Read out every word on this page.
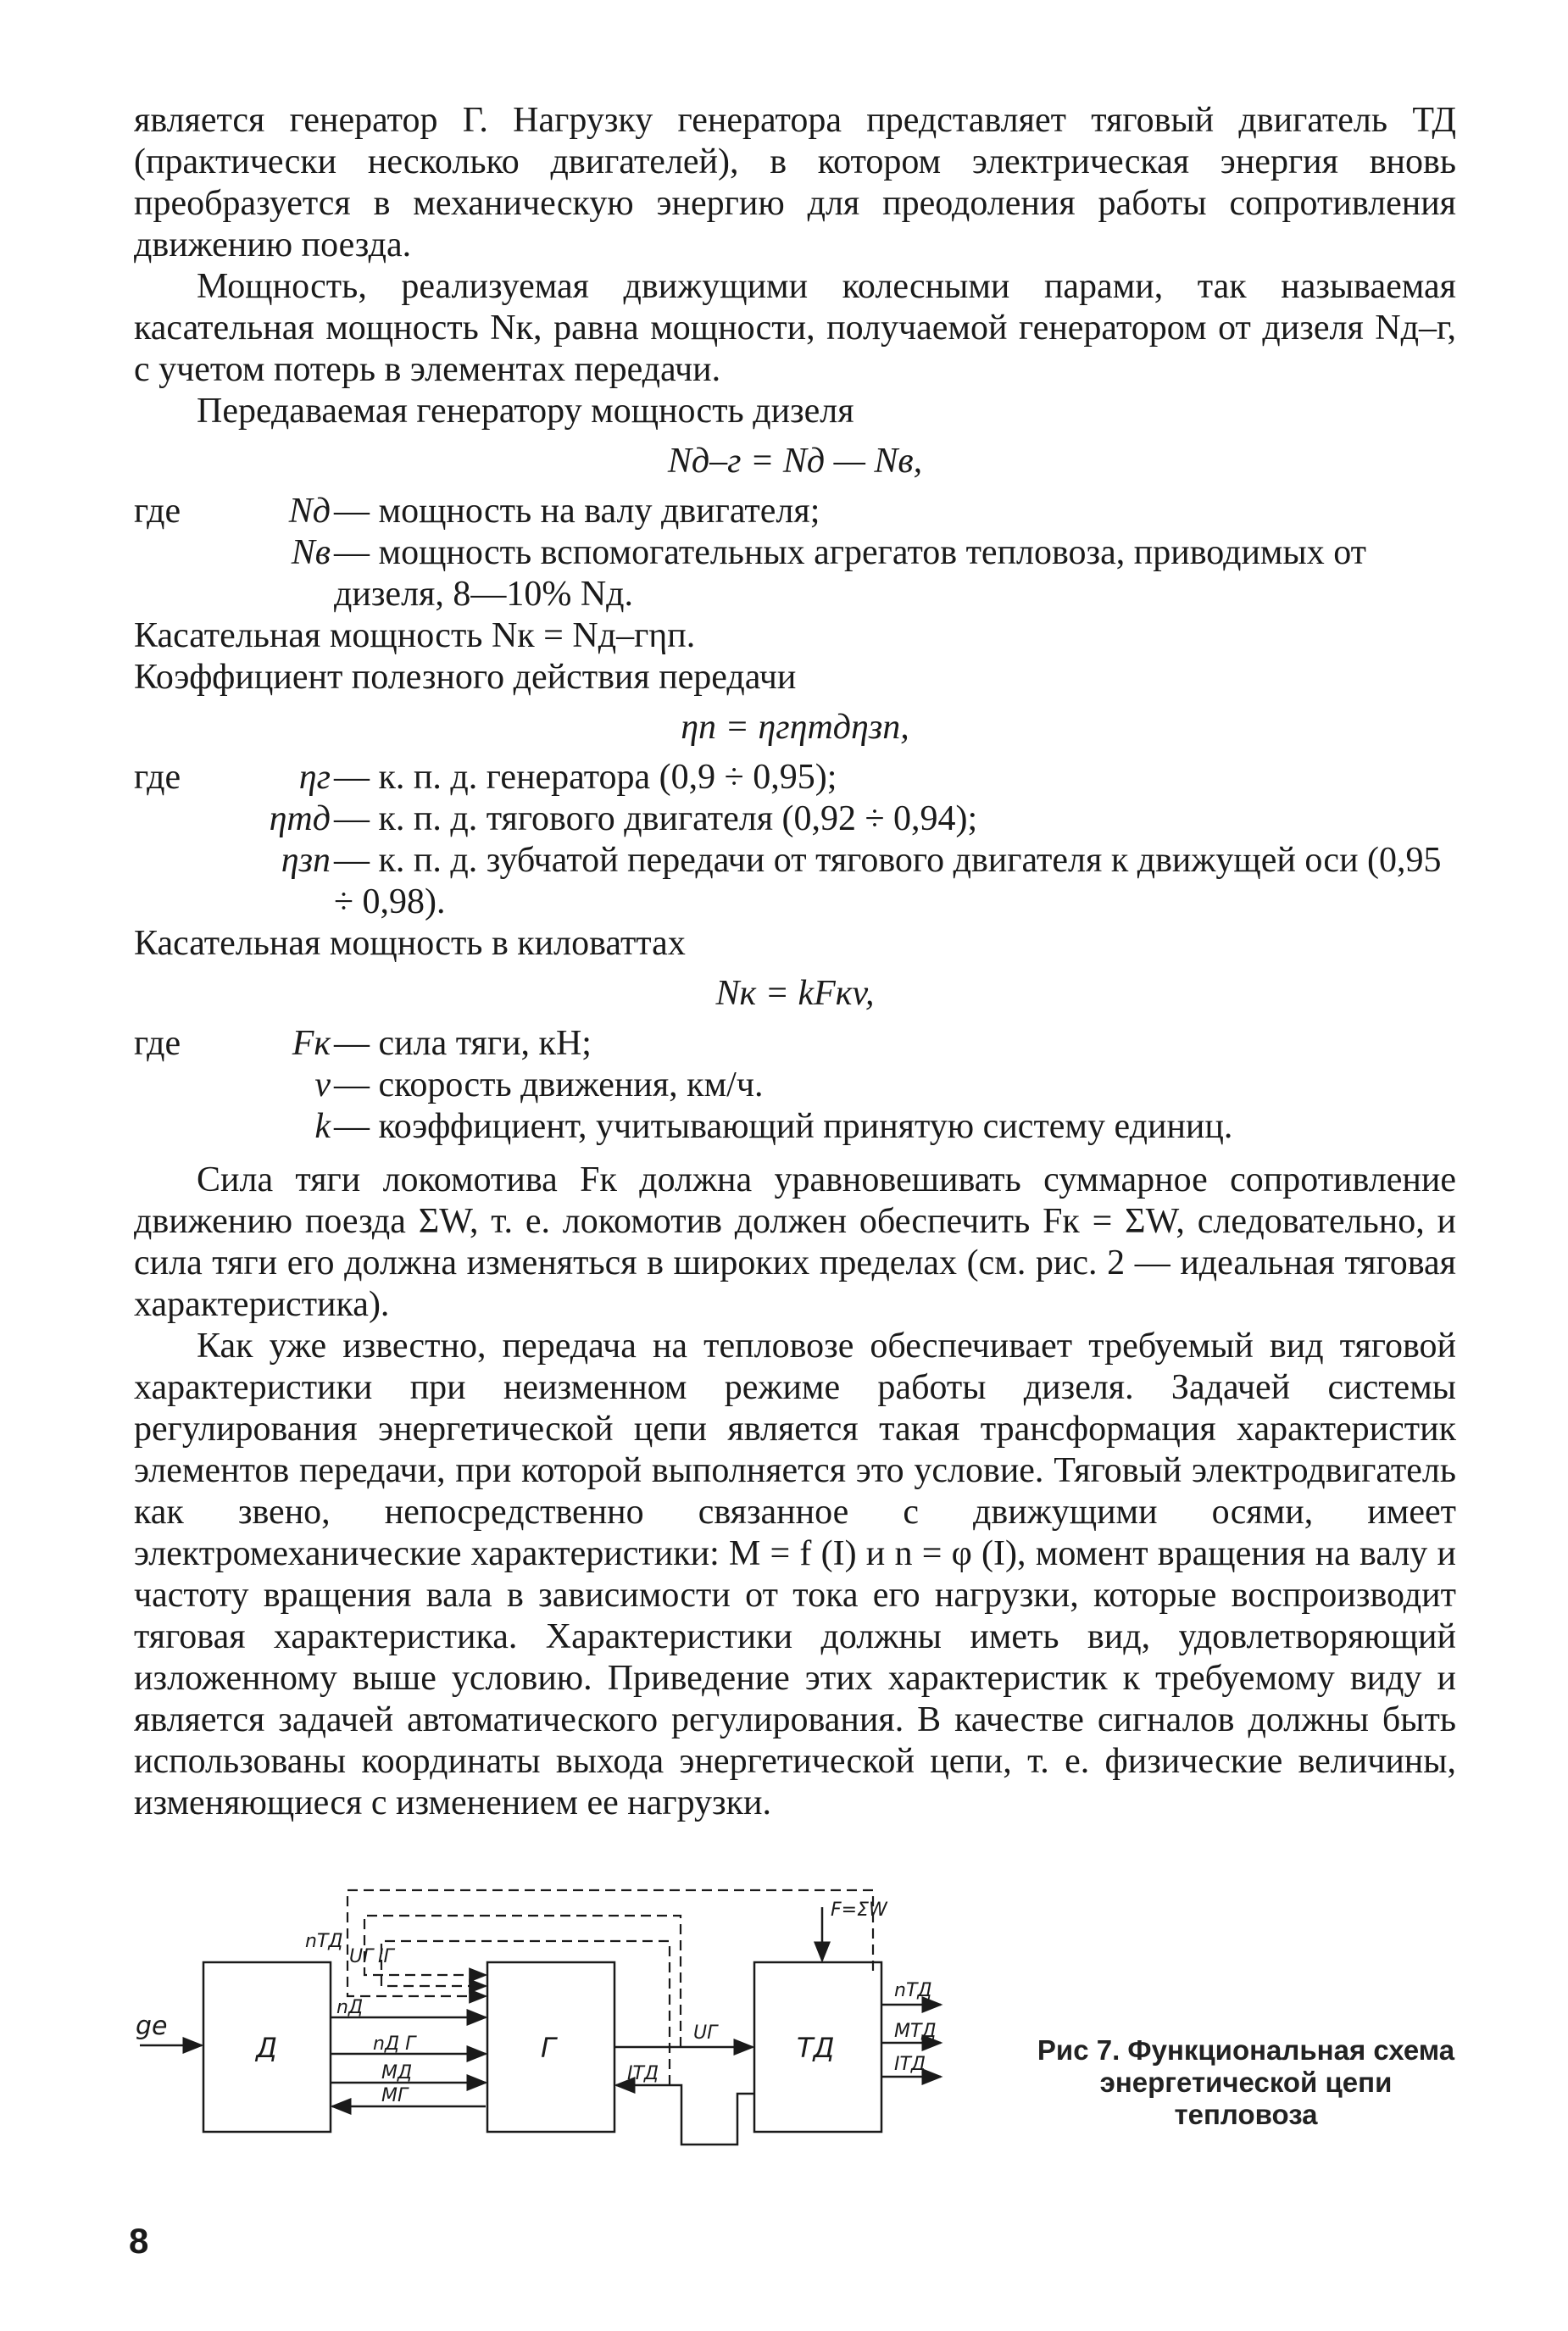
является генератор Г. Нагрузку генератора представляет тяговый двигатель ТД (практически несколько двигателей), в котором электрическая энергия вновь преобразуется в механическую энергию для преодоления работы сопротивления движению поезда.

Мощность, реализуемая движущими колесными парами, так называемая касательная мощность Nк, равна мощности, получаемой генератором от дизеля Nд–г, с учетом потерь в элементах передачи.

Передаваемая генератору мощность дизеля

Nд–г = Nд — Nв,

где	Nд — мощность на валу двигателя;
Nв — мощность вспомогательных агрегатов тепловоза, приводимых от дизеля, 8—10% Nд.

Касательная мощность Nк = Nд–гηп.

Коэффициент полезного действия передачи

ηп = ηгηтдηзп,

где	ηг — к. п. д. генератора (0,9 ÷ 0,95);
ηтд — к. п. д. тягового двигателя (0,92 ÷ 0,94);
ηзп — к. п. д. зубчатой передачи от тягового двигателя к движущей оси (0,95 ÷ 0,98).

Касательная мощность в киловаттах

Nк = kFкv,

где	Fк — сила тяги, кН;
v — скорость движения, км/ч.
k — коэффициент, учитывающий принятую систему единиц.

Сила тяги локомотива Fк должна уравновешивать суммарное сопротивление движению поезда ΣW, т. е. локомотив должен обеспечить Fк = ΣW, следовательно, и сила тяги его должна изменяться в широких пределах (см. рис. 2 — идеальная тяговая характеристика).

Как уже известно, передача на тепловозе обеспечивает требуемый вид тяговой характеристики при неизменном режиме работы дизеля. Задачей системы регулирования энергетической цепи является такая трансформация характеристик элементов передачи, при которой выполняется это условие. Тяговый электродвигатель как звено, непосредственно связанное с движущими осями, имеет электромеханические характеристики: M = f (I) и n = φ (I), момент вращения на валу и частоту вращения вала в зависимости от тока его нагрузки, которые воспроизводит тяговая характеристика. Характеристики должны иметь вид, удовлетворяющий изложенному выше условию. Приведение этих характеристик к требуемому виду и является задачей автоматического регулирования. В качестве сигналов должны быть использованы координаты выхода энергетической цепи, т. е. физические величины, изменяющиеся с изменением ее нагрузки.

gе
Д	Г	ТД
nТД
UГ IГ
nД
nД Г
MД
MГ
UГ
IТД
F=ΣW
nТД
MТД
IТД	Рис 7. Функциональная схема энергетической цепи тепловоза
8
